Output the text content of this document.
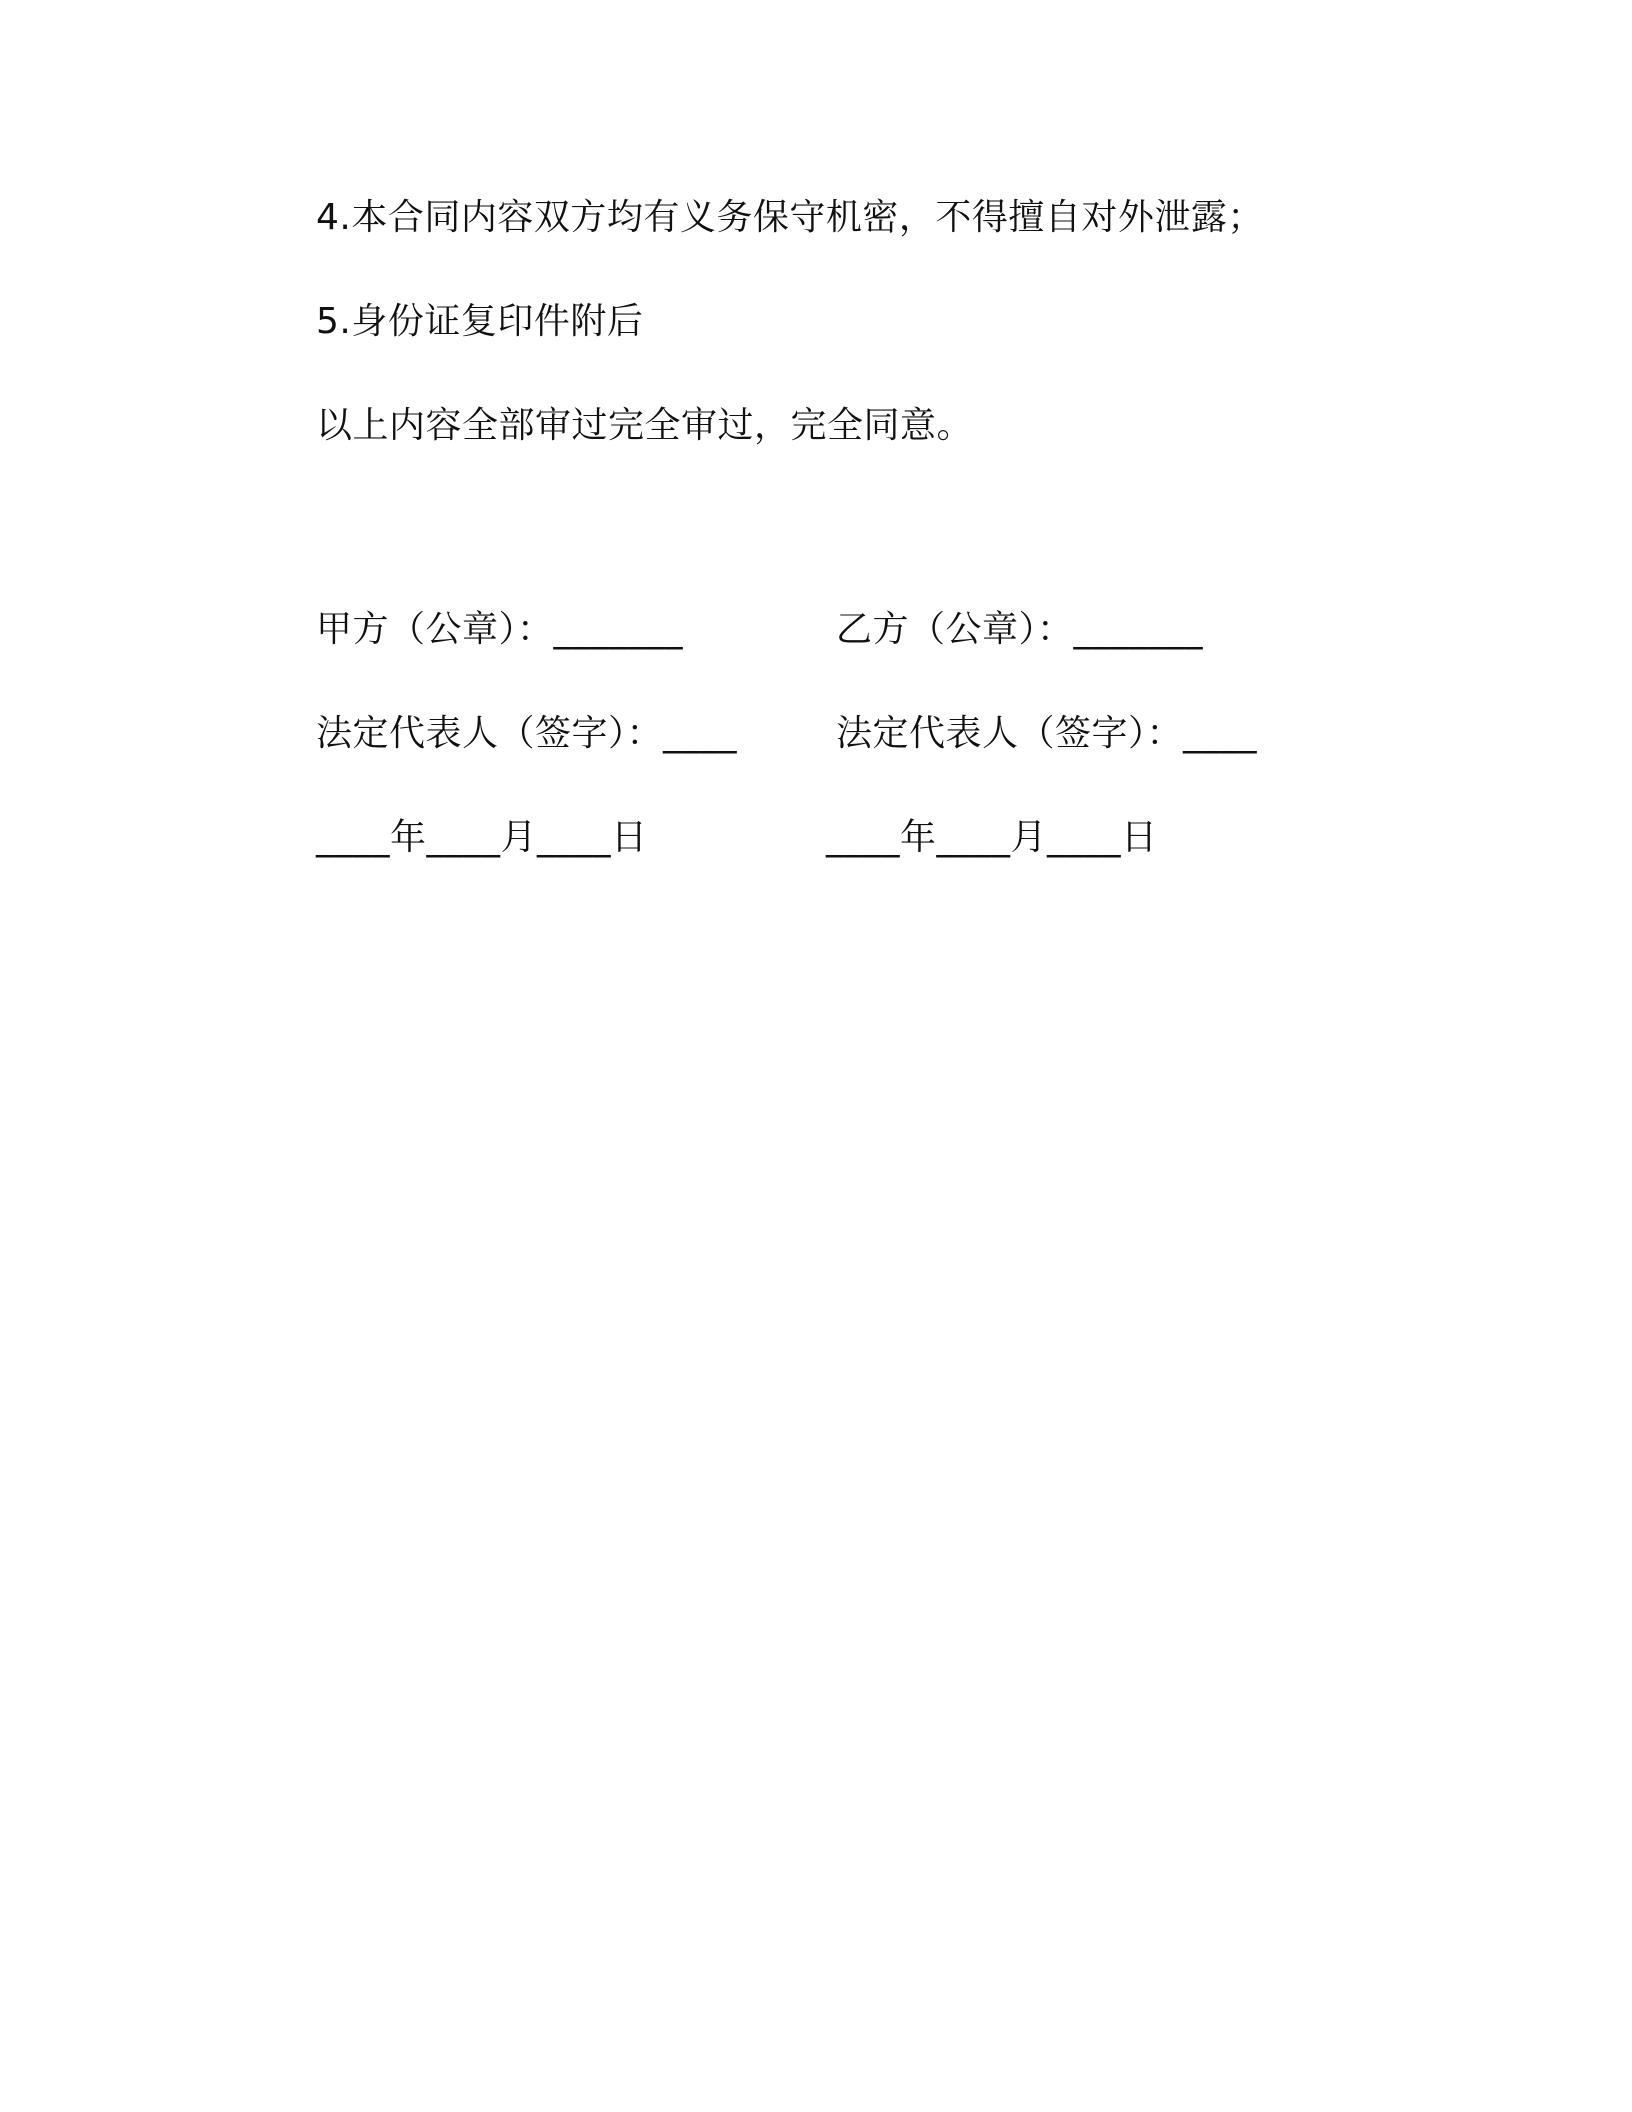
4.本合同内容双方均有义务保守机密，不得擅自对外泄露；
5.身份证复印件附后
以上内容全部审过完全审过，完全同意。
甲方（公章）：_______	乙方（公章）：_______
法定代表人（签字）：____	法定代表人（签字）：____
____年____月____日	____年____月____日
